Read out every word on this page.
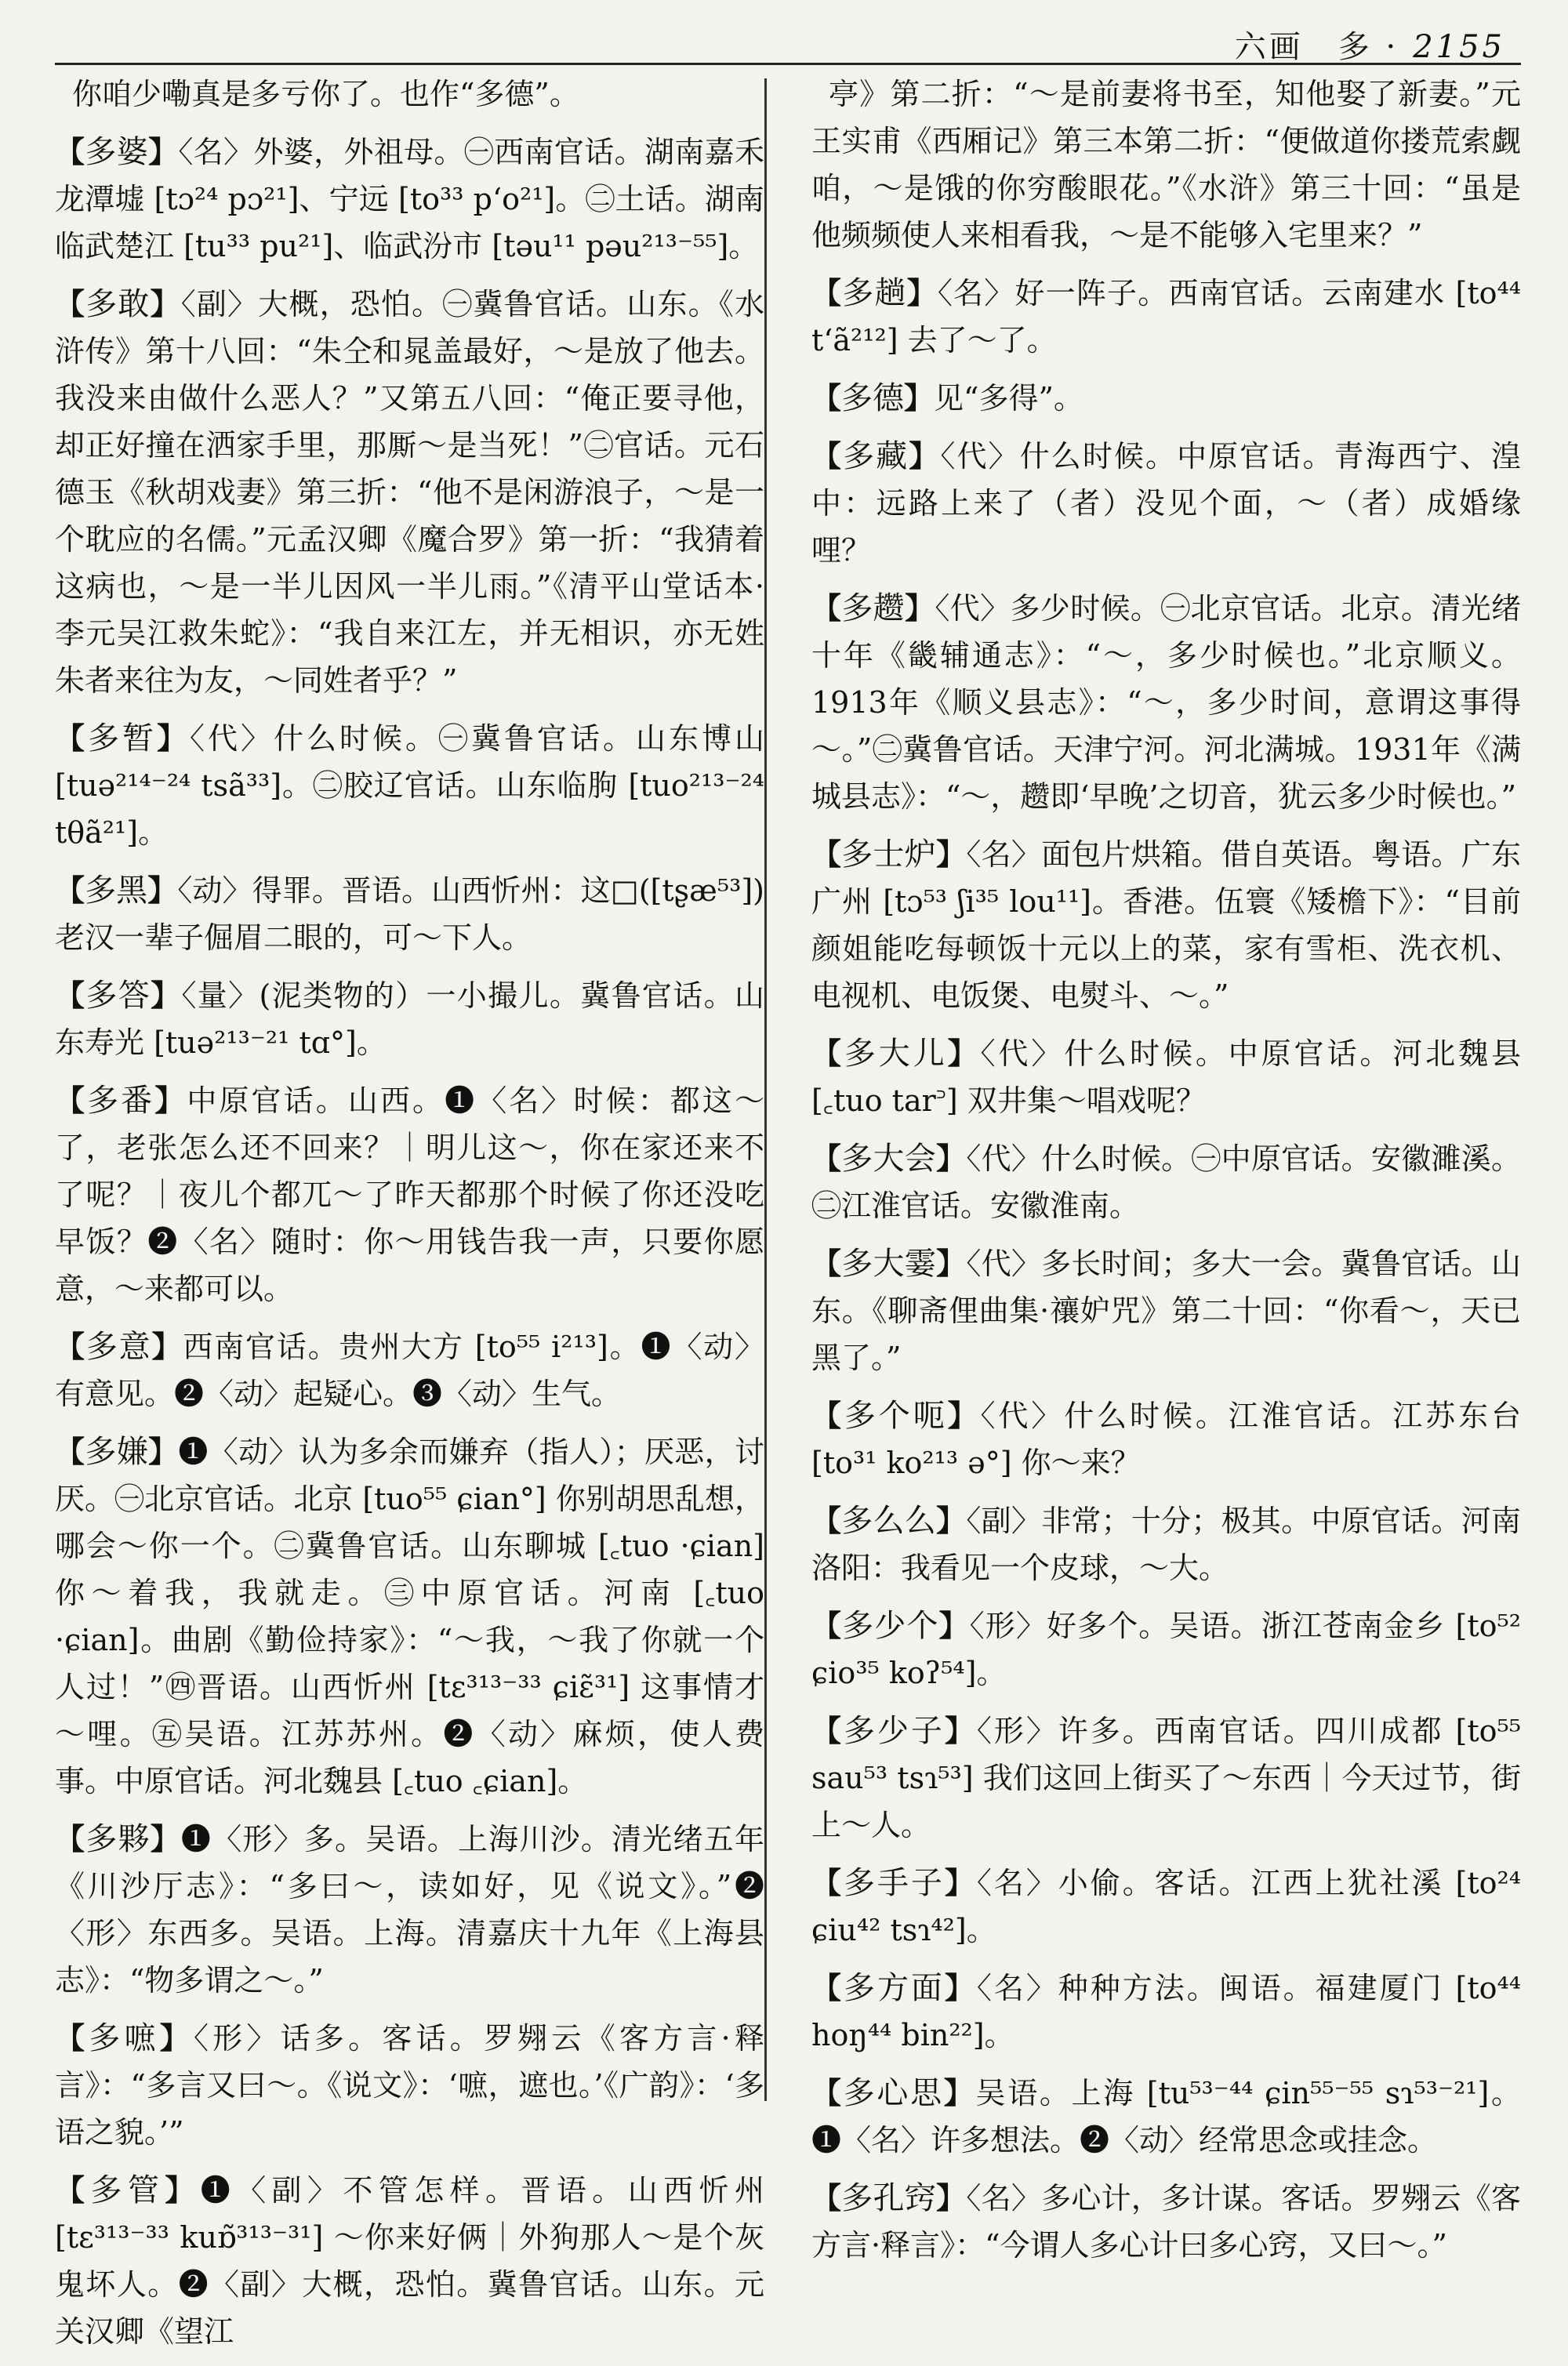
六画　多 · 2155
你咱少嘞真是多亏你了。也作“多德”。
【多婆】〈名〉外婆，外祖母。㊀西南官话。湖南嘉禾龙潭墟 [tɔ²⁴ pɔ²¹]、宁远 [to³³ p‘o²¹]。㊁土话。湖南临武楚江 [tu³³ pu²¹]、临武汾市 [təu¹¹ pəu²¹³⁻⁵⁵]。
【多敢】〈副〉大概，恐怕。㊀冀鲁官话。山东。《水浒传》第十八回：“朱仝和晁盖最好，～是放了他去。我没来由做什么恶人？”又第五八回：“俺正要寻他，却正好撞在洒家手里，那厮～是当死！”㊁官话。元石德玉《秋胡戏妻》第三折：“他不是闲游浪子，～是一个耽应的名儒。”元孟汉卿《魔合罗》第一折：“我猜着这病也，～是一半儿因风一半儿雨。”《清平山堂话本·李元吴江救朱蛇》：“我自来江左，并无相识，亦无姓朱者来往为友，～同姓者乎？”
【多暂】〈代〉什么时候。㊀冀鲁官话。山东博山 [tuə²¹⁴⁻²⁴ tsã³³]。㊁胶辽官话。山东临朐 [tuo²¹³⁻²⁴ tθã²¹]。
【多黑】〈动〉得罪。晋语。山西忻州：这□([tʂæ⁵³])老汉一辈子倔眉二眼的，可～下人。
【多答】〈量〉(泥类物的）一小撮儿。冀鲁官话。山东寿光 [tuə²¹³⁻²¹ tɑ°]。
【多番】中原官话。山西。❶〈名〉时候：都这～了，老张怎么还不回来？｜明儿这～，你在家还来不了呢？｜夜儿个都兀～了昨天都那个时候了你还没吃早饭？❷〈名〉随时：你～用钱告我一声，只要你愿意，～来都可以。
【多意】西南官话。贵州大方 [to⁵⁵ i²¹³]。❶〈动〉有意见。❷〈动〉起疑心。❸〈动〉生气。
【多嫌】❶〈动〉认为多余而嫌弃（指人）；厌恶，讨厌。㊀北京官话。北京 [tuo⁵⁵ ɕian°] 你别胡思乱想，哪会～你一个。㊁冀鲁官话。山东聊城 [꜀tuo ·ɕian] 你～着我，我就走。㊂中原官话。河南 [꜀tuo ·ɕian]。曲剧《勤俭持家》：“～我，～我了你就一个人过！”㊃晋语。山西忻州 [tɛ³¹³⁻³³ ɕiɛ̃³¹] 这事情才～哩。㊄吴语。江苏苏州。❷〈动〉麻烦，使人费事。中原官话。河北魏县 [꜀tuo ꜀ɕian]。
【多夥】❶〈形〉多。吴语。上海川沙。清光绪五年《川沙厅志》：“多曰～，读如好，见《说文》。”❷〈形〉东西多。吴语。上海。清嘉庆十九年《上海县志》：“物多谓之～。”
【多嗻】〈形〉话多。客话。罗翙云《客方言·释言》：“多言又曰～。《说文》：‘嗻，遮也。’《广韵》：‘多语之貌。’”
【多管】❶〈副〉不管怎样。晋语。山西忻州 [tɛ³¹³⁻³³ kuɒ̃³¹³⁻³¹] ～你来好俩｜外狗那人～是个灰鬼坏人。❷〈副〉大概，恐怕。冀鲁官话。山东。元关汉卿《望江
亭》第二折：“～是前妻将书至，知他娶了新妻。”元王实甫《西厢记》第三本第二折：“便做道你搂荒索觑咱，～是饿的你穷酸眼花。”《水浒》第三十回：“虽是他频频使人来相看我，～是不能够入宅里来？”
【多趟】〈名〉好一阵子。西南官话。云南建水 [to⁴⁴ t‘ã²¹²] 去了～了。
【多德】见“多得”。
【多藏】〈代〉什么时候。中原官话。青海西宁、湟中：远路上来了（者）没见个面，～（者）成婚缘哩？
【多趱】〈代〉多少时候。㊀北京官话。北京。清光绪十年《畿辅通志》：“～，多少时候也。”北京顺义。1913年《顺义县志》：“～，多少时间，意谓这事得～。”㊁冀鲁官话。天津宁河。河北满城。1931年《满城县志》：“～，趱即‘早晚’之切音，犹云多少时候也。”
【多士炉】〈名〉面包片烘箱。借自英语。粤语。广东广州 [tɔ⁵³ ʃi³⁵ lou¹¹]。香港。伍寰《矮檐下》：“目前颜姐能吃每顿饭十元以上的菜，家有雪柜、洗衣机、电视机、电饭煲、电熨斗、～。”
【多大儿】〈代〉什么时候。中原官话。河北魏县 [꜀tuo tar꜄] 双井集～唱戏呢？
【多大会】〈代〉什么时候。㊀中原官话。安徽濉溪。㊁江淮官话。安徽淮南。
【多大霎】〈代〉多长时间；多大一会。冀鲁官话。山东。《聊斋俚曲集·禳妒咒》第二十回：“你看～，天已黑了。”
【多个呃】〈代〉什么时候。江淮官话。江苏东台 [to³¹ ko²¹³ ə°] 你～来？
【多么么】〈副〉非常；十分；极其。中原官话。河南洛阳：我看见一个皮球，～大。
【多少个】〈形〉好多个。吴语。浙江苍南金乡 [to⁵² ɕio³⁵ koʔ⁵⁴]。
【多少子】〈形〉许多。西南官话。四川成都 [to⁵⁵ sau⁵³ tsɿ⁵³] 我们这回上街买了～东西｜今天过节，街上～人。
【多手子】〈名〉小偷。客话。江西上犹社溪 [to²⁴ ɕiu⁴² tsɿ⁴²]。
【多方面】〈名〉种种方法。闽语。福建厦门 [to⁴⁴ hoŋ⁴⁴ bin²²]。
【多心思】吴语。上海 [tu⁵³⁻⁴⁴ ɕin⁵⁵⁻⁵⁵ sɿ⁵³⁻²¹]。❶〈名〉许多想法。❷〈动〉经常思念或挂念。
【多孔窍】〈名〉多心计，多计谋。客话。罗翙云《客方言·释言》：“今谓人多心计曰多心窍，又曰～。”
